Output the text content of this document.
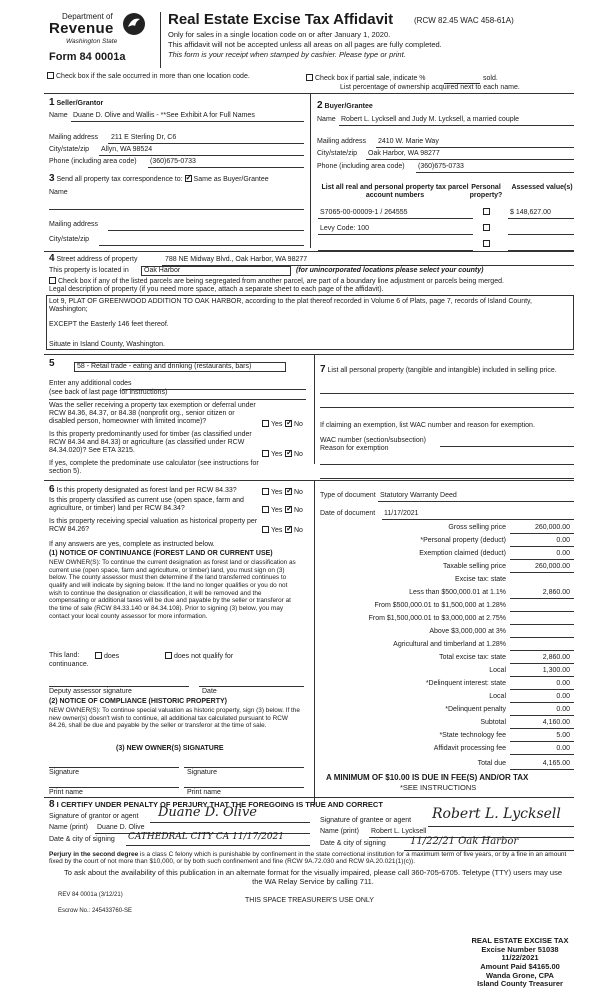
Department of
Revenue
Washington State
Form 84 0001a
Real Estate Excise Tax Affidavit	(RCW 82.45 WAC 458-61A)
Only for sales in a single location code on or after January 1, 2020.
This affidavit will not be accepted unless all areas on all pages are fully completed.
This form is your receipt when stamped by cashier. Please type or print.
Check box if the sale occurred in more than one location code.	Check box if partial sale, indicate %	sold.
List percentage of ownership acquired next to each name.
1 Seller/Grantor
Name Duane D. Olive and Wallis - **See Exhibit A for Full Names
Mailing address 211 E Sterling Dr, C6
City/state/zip Allyn, WA 98524
Phone (including area code) (360)675-0733
2 Buyer/Grantee
Name Robert L. Lycksell and Judy M. Lycksell, a married couple
Mailing address 2410 W. Marie Way
City/state/zip Oak Harbor, WA 98277
Phone (including area code) (360)675-0733
3 Send all property tax correspondence to: ✓ Same as Buyer/Grantee
Name
Mailing address
City/state/zip
List all real and personal property tax parcel account numbers
Personal property?
Assessed value(s)
S7065-00-00009-1 / 264555	$ 148,627.00
Levy Code: 100
4 Street address of property	788 NE Midway Blvd., Oak Harbor, WA 98277
This property is located in	Oak Harbor	(for unincorporated locations please select your county)
Check box if any of the listed parcels are being segregated from another parcel, are part of a boundary line adjustment or parcels being merged.
Legal description of property (if you need more space, attach a separate sheet to each page of the affidavit).
Lot 9, PLAT OF GREENWOOD ADDITION TO OAK HARBOR, according to the plat thereof recorded in Volume 6 of Plats, page 7, records of Island County, Washington;
EXCEPT the Easterly 146 feet thereof.
Situate in Island County, Washington.
5	58 - Retail trade - eating and drinking (restaurants, bars)
Enter any additional codes
(see back of last page for instructions)
Was the seller receiving a property tax exemption or deferral under RCW 84.36, 84.37, or 84.38 (nonprofit org., senior citizen or disabled person, homeowner with limited income)?	Yes ✓	No
Is this property predominantly used for timber (as classified under RCW 84.34 and 84.33) or agriculture (as classified under RCW 84.34.020)? See ETA 3215.
Yes ✓	No
If yes, complete the predominate use calculator (see instructions for section 5).
7 List all personal property (tangible and intangible) included in selling price.
If claiming an exemption, list WAC number and reason for exemption.
WAC number (section/subsection)
Reason for exemption
6 Is this property designated as forest land per RCW 84.33?	Yes ✓	No
Is this property classified as current use (open space, farm and agriculture, or timber) land per RCW 84.34?	Yes ✓	No
Is this property receiving special valuation as historical property per RCW 84.26?	Yes ✓	No
If any answers are yes, complete as instructed below.
(1) NOTICE OF CONTINUANCE (FOREST LAND OR CURRENT USE)
NEW OWNER(S): To continue the current designation as forest land or classification as current use (open space, farm and agriculture, or timber) land, you must sign on (3) below. The county assessor must then determine if the land transferred continues to qualify and will indicate by signing below. If the land no longer qualifies or you do not wish to continue the designation or classification, it will be removed and the compensating or additional taxes will be due and payable by the seller or transferor at the time of sale (RCW 84.33.140 or 84.34.108). Prior to signing (3) below, you may contact your local county assessor for more information.
This land:	does	does not qualify for
continuance.
Deputy assessor signature	Date
(2) NOTICE OF COMPLIANCE (HISTORIC PROPERTY)
NEW OWNER(S): To continue special valuation as historic property, sign (3) below. If the new owner(s) doesn't wish to continue, all additional tax calculated pursuant to RCW 84.26, shall be due and payable by the seller or transferor at the time of sale.
(3) NEW OWNER(S) SIGNATURE
Signature	Signature
Print name	Print name
Type of document Statutory Warranty Deed
Date of document 11/17/2021
Gross selling price	260,000.00
*Personal property (deduct)	0.00
Exemption claimed (deduct)	0.00
Taxable selling price	260,000.00
Excise tax: state
Less than $500,000.01 at 1.1%	2,860.00
From $500,000.01 to $1,500,000 at 1.28%
From $1,500,000.01 to $3,000,000 at 2.75%
Above $3,000,000 at 3%
Agricultural and timberland at 1.28%
Total excise tax: state	2,860.00
Local	1,300.00
*Delinquent interest: state	0.00
Local	0.00
*Delinquent penalty	0.00
Subtotal	4,160.00
*State technology fee	5.00
Affidavit processing fee	0.00
Total due	4,165.00
A MINIMUM OF $10.00 IS DUE IN FEE(S) AND/OR TAX
*SEE INSTRUCTIONS
8 I CERTIFY UNDER PENALTY OF PERJURY THAT THE FOREGOING IS TRUE AND CORRECT
Signature of grantor or agent Duane D. Olive
Name (print) Duane D. Olive
Date & city of signing CATHEDRAL CITY CA 11/17/2021
Signature of grantee or agent Robert L. Lycksell
Name (print) Robert L. Lycksell
Date & city of signing 11/22/21 Oak Harbor
Perjury in the second degree is a class C felony which is punishable by confinement in the state correctional institution for a maximum term of five years, or by a fine in an amount fixed by the court of not more than $10,000, or by both such confinement and fine (RCW 9A.72.030 and RCW 9A.20.021(1)(c)).
To ask about the availability of this publication in an alternate format for the visually impaired, please call 360-705-6705. Teletype (TTY) users may use the WA Relay Service by calling 711.
REV 84 0001a (3/12/21)
THIS SPACE TREASURER'S USE ONLY
Escrow No.: 245433760-SE
REAL ESTATE EXCISE TAX
Excise Number 51038
11/22/2021
Amount Paid $4165.00
Wanda Grone, CPA
Island County Treasurer
